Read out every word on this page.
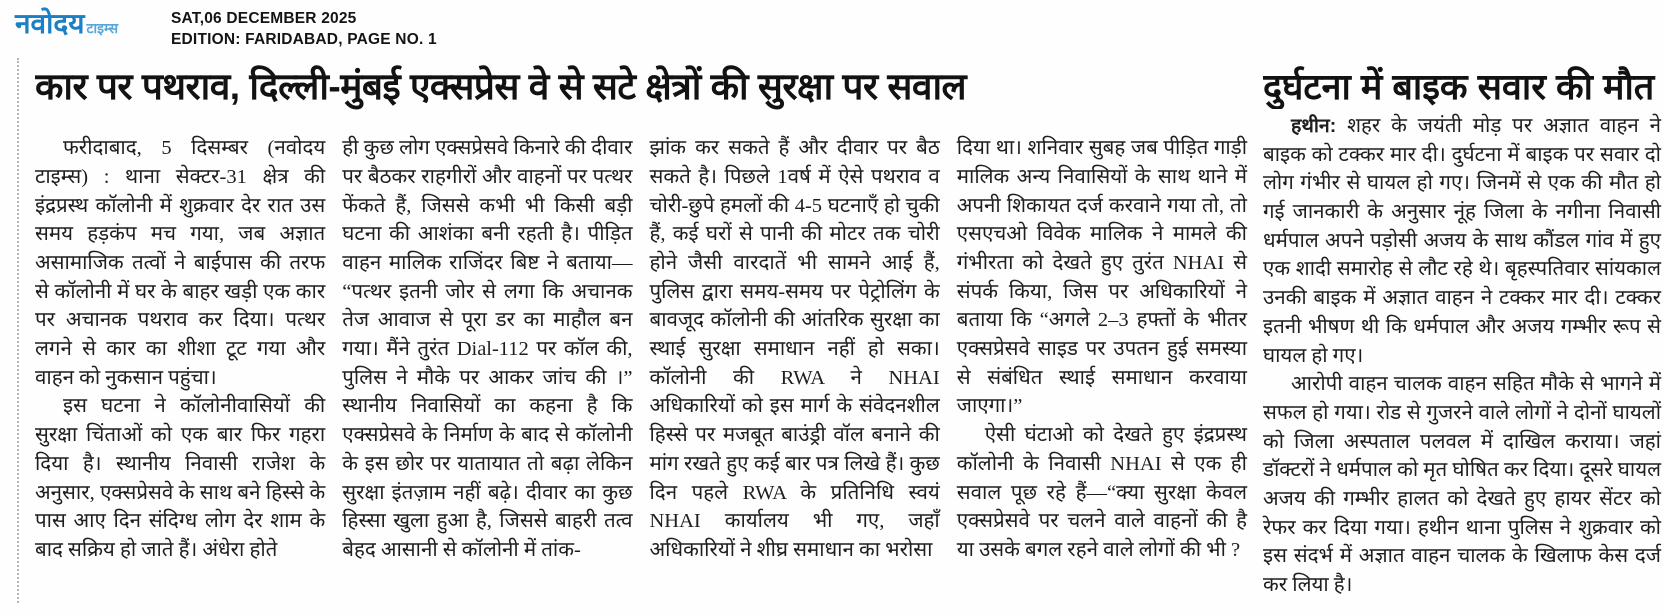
नवोदय टाइम्स
SAT,06 DECEMBER 2025
EDITION: FARIDABAD, PAGE NO. 1
कार पर पथराव, दिल्ली-मुंबई एक्सप्रेस वे से सटे क्षेत्रों की सुरक्षा पर सवाल

फरीदाबाद, 5 दिसम्बर (नवोदय टाइम्स) : थाना सेक्टर-31 क्षेत्र की इंद्रप्रस्थ कॉलोनी में शुक्रवार देर रात उस समय हड़कंप मच गया, जब अज्ञात असामाजिक तत्वों ने बाईपास की तरफ से कॉलोनी में घर के बाहर खड़ी एक कार पर अचानक पथराव कर दिया। पत्थर लगने से कार का शीशा टूट गया और वाहन को नुकसान पहुंचा।

इस घटना ने कॉलोनीवासियों की सुरक्षा चिंताओं को एक बार फिर गहरा दिया है। स्थानीय निवासी राजेश के अनुसार, एक्सप्रेसवे के साथ बने हिस्से के पास आए दिन संदिग्ध लोग देर शाम के बाद सक्रिय हो जाते हैं। अंधेरा होते

ही कुछ लोग एक्सप्रेसवे किनारे की दीवार पर बैठकर राहगीरों और वाहनों पर पत्थर फेंकते हैं, जिससे कभी भी किसी बड़ी घटना की आशंका बनी रहती है। पीड़ित वाहन मालिक राजिंदर बिष्ट ने बताया— “पत्थर इतनी जोर से लगा कि अचानक तेज आवाज से पूरा डर का माहौल बन गया। मैंने तुरंत Dial-112 पर कॉल की, पुलिस ने मौके पर आकर जांच की ।” स्थानीय निवासियों का कहना है कि एक्सप्रेसवे के निर्माण के बाद से कॉलोनी के इस छोर पर यातायात तो बढ़ा लेकिन सुरक्षा इंतज़ाम नहीं बढ़े। दीवार का कुछ हिस्सा खुला हुआ है, जिससे बाहरी तत्व बेहद आसानी से कॉलोनी में तांक-

झांक कर सकते हैं और दीवार पर बैठ सकते है। पिछले 1वर्ष में ऐसे पथराव व चोरी-छुपे हमलों की 4-5 घटनाएँ हो चुकी हैं, कई घरों से पानी की मोटर तक चोरी होने जैसी वारदातें भी सामने आई हैं, पुलिस द्वारा समय-समय पर पेट्रोलिंग के बावजूद कॉलोनी की आंतरिक सुरक्षा का स्थाई सुरक्षा समाधान नहीं हो सका। कॉलोनी की RWA ने NHAI अधिकारियों को इस मार्ग के संवेदनशील हिस्से पर मजबूत बाउंड्री वॉल बनाने की मांग रखते हुए कई बार पत्र लिखे हैं। कुछ दिन पहले RWA के प्रतिनिधि स्वयं NHAI कार्यालय भी गए, जहाँ अधिकारियों ने शीघ्र समाधान का भरोसा

दिया था। शनिवार सुबह जब पीड़ित गाड़ी मालिक अन्य निवासियों के साथ थाने में अपनी शिकायत दर्ज करवाने गया तो, तो एसएचओ विवेक मालिक ने मामले की गंभीरता को देखते हुए तुरंत NHAI से संपर्क किया, जिस पर अधिकारियों ने बताया कि “अगले 2–3 हफ्तों के भीतर एक्सप्रेसवे साइड पर उपतन हुई समस्या से संबंधित स्थाई समाधान करवाया जाएगा।”

ऐसी घंटाओ को देखते हुए इंद्रप्रस्थ कॉलोनी के निवासी NHAI से एक ही सवाल पूछ रहे हैं—“क्या सुरक्षा केवल एक्सप्रेसवे पर चलने वाले वाहनों की है या उसके बगल रहने वाले लोगों की भी ?

दुर्घटना में बाइक सवार की मौत

हथीन: शहर के जयंती मोड़ पर अज्ञात वाहन ने बाइक को टक्कर मार दी। दुर्घटना में बाइक पर सवार दो लोग गंभीर से घायल हो गए। जिनमें से एक की मौत हो गई जानकारी के अनुसार नूंह जिला के नगीना निवासी धर्मपाल अपने पड़ोसी अजय के साथ कौंडल गांव में हुए एक शादी समारोह से लौट रहे थे। बृहस्पतिवार सांयकाल उनकी बाइक में अज्ञात वाहन ने टक्कर मार दी। टक्कर इतनी भीषण थी कि धर्मपाल और अजय गम्भीर रूप से घायल हो गए।

आरोपी वाहन चालक वाहन सहित मौके से भागने में सफल हो गया। रोड से गुजरने वाले लोगों ने दोनों घायलों को जिला अस्पताल पलवल में दाखिल कराया। जहां डॉक्टरों ने धर्मपाल को मृत घोषित कर दिया। दूसरे घायल अजय की गम्भीर हालत को देखते हुए हायर सेंटर को रेफर कर दिया गया। हथीन थाना पुलिस ने शुक्रवार को इस संदर्भ में अज्ञात वाहन चालक के खिलाफ केस दर्ज कर लिया है।
